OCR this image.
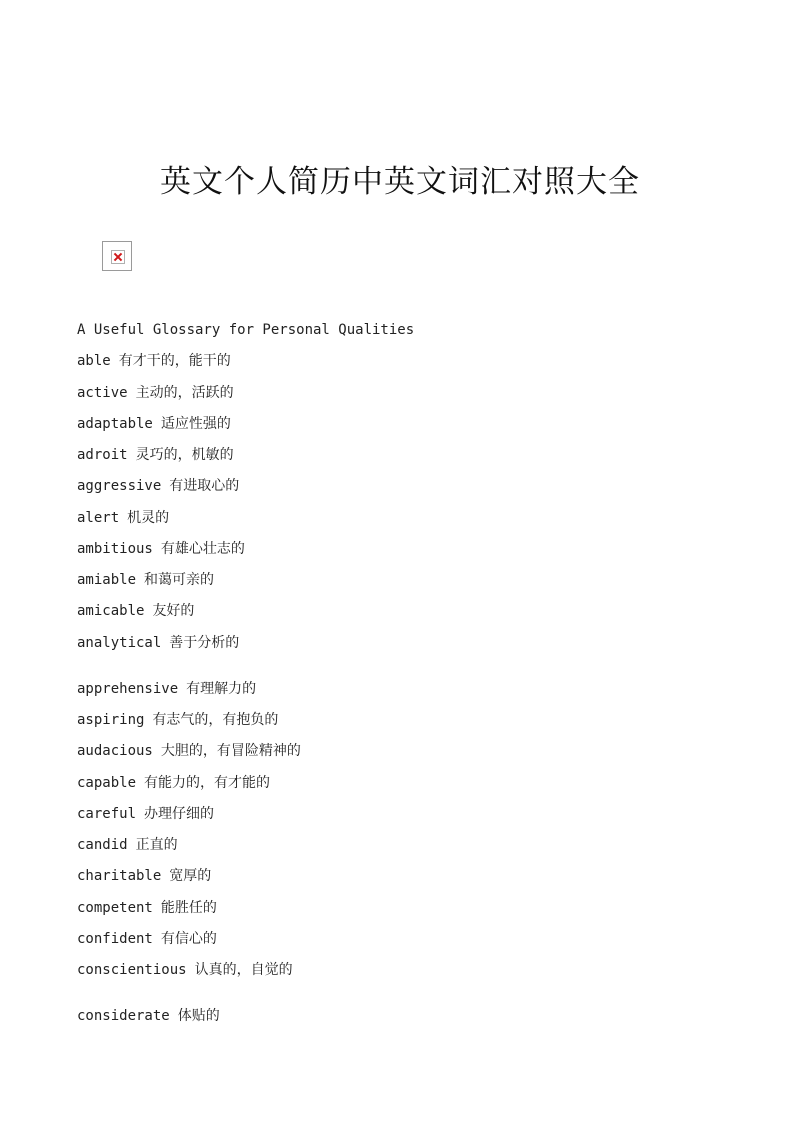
英文个人简历中英文词汇对照大全
A Useful Glossary for Personal Qualities
able 有才干的，能干的
active 主动的，活跃的
adaptable 适应性强的
adroit 灵巧的，机敏的
aggressive 有进取心的
alert 机灵的
ambitious 有雄心壮志的
amiable 和蔼可亲的
amicable 友好的
analytical 善于分析的
apprehensive 有理解力的
aspiring 有志气的，有抱负的
audacious 大胆的，有冒险精神的
capable 有能力的，有才能的
careful 办理仔细的
candid 正直的
charitable 宽厚的
competent 能胜任的
confident 有信心的
conscientious 认真的，自觉的
considerate 体贴的
